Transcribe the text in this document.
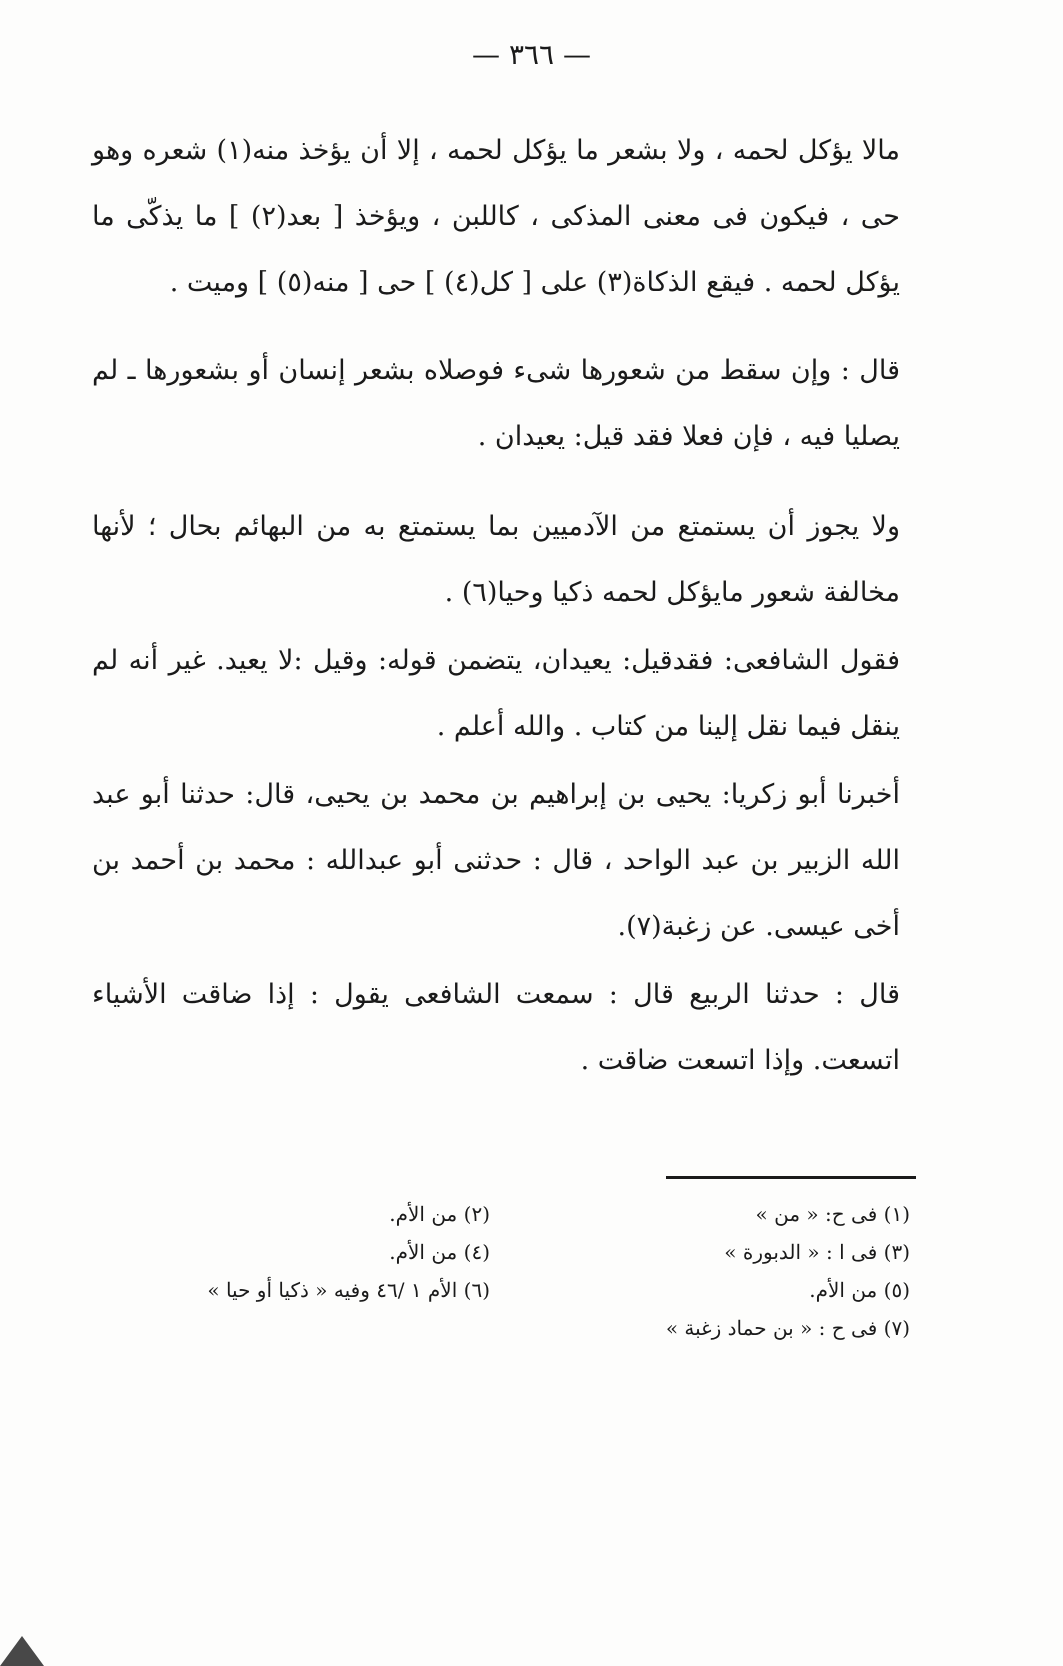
— ٣٦٦ —

مالا يؤكل لحمه ، ولا بشعر ما يؤكل لحمه ، إلا أن يؤخذ منه(١) شعره وهو حى ، فيكون فى معنى المذكى ، كاللبن ، ويؤخذ [ بعد(٢) ] ما يذكّى ما يؤكل لحمه . فيقع الذكاة(٣) على [ كل(٤) ] حى [ منه(٥) ] وميت .

قال : وإن سقط من شعورها شىء فوصلاه بشعر إنسان أو بشعورها ـ لم يصليا فيه ، فإن فعلا فقد قيل: يعيدان .

ولا يجوز أن يستمتع من الآدميين بما يستمتع به من البهائم بحال ؛ لأنها مخالفة شعور مايؤكل لحمه ذكيا وحيا(٦) .

فقول الشافعى: فقدقيل: يعيدان، يتضمن قوله: وقيل :لا يعيد. غير أنه لم ينقل فيما نقل إلينا من كتاب . والله أعلم .

أخبرنا أبو زكريا: يحيى بن إبراهيم بن محمد بن يحيى، قال: حدثنا أبو عبد الله الزبير بن عبد الواحد ، قال : حدثنى أبو عبدالله : محمد بن أحمد بن أخى عيسى. عن زغبة(٧).

قال : حدثنا الربيع قال : سمعت الشافعى يقول : إذا ضاقت الأشياء اتسعت. وإذا اتسعت ضاقت .

(١) فى ح: « من »

(٣) فى ا : « الدبورة »

(٥) من الأم.

(٧) فى ح : « بن حماد زغبة »

(٢) من الأم.

(٤) من الأم.

(٦) الأم ١ /٤٦ وفيه « ذكيا أو حيا »
